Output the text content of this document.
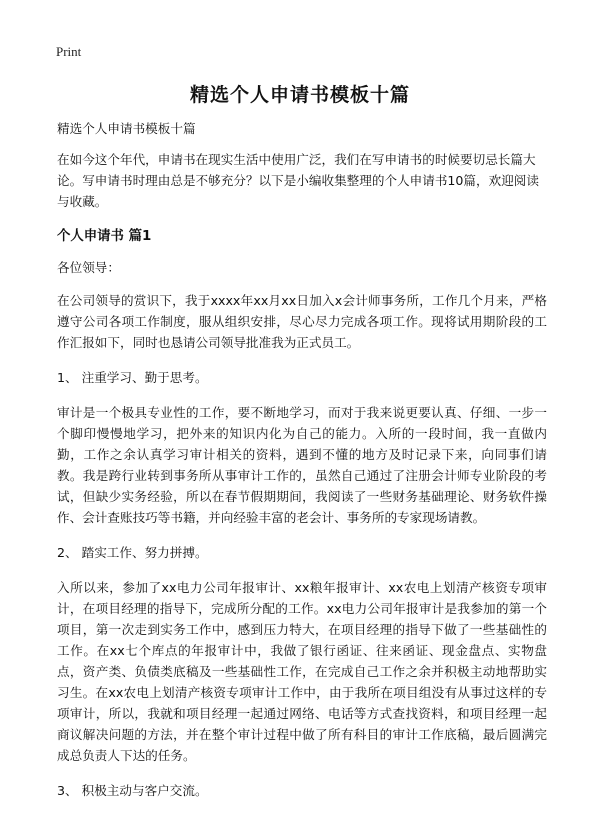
Print
精选个人申请书模板十篇

精选个人申请书模板十篇

在如今这个年代，申请书在现实生活中使用广泛，我们在写申请书的时候要切忌长篇大论。写申请书时理由总是不够充分？以下是小编收集整理的个人申请书10篇，欢迎阅读与收藏。

个人申请书 篇1

各位领导：

在公司领导的赏识下，我于xxxx年xx月xx日加入x会计师事务所，工作几个月来，严格遵守公司各项工作制度，服从组织安排，尽心尽力完成各项工作。现将试用期阶段的工作汇报如下，同时也恳请公司领导批准我为正式员工。

1、 注重学习、勤于思考。

审计是一个极具专业性的工作，要不断地学习，而对于我来说更要认真、仔细、一步一个脚印慢慢地学习，把外来的知识内化为自己的能力。入所的一段时间，我一直做内勤，工作之余认真学习审计相关的资料，遇到不懂的地方及时记录下来，向同事们请教。我是跨行业转到事务所从事审计工作的，虽然自己通过了注册会计师专业阶段的考试，但缺少实务经验，所以在春节假期期间，我阅读了一些财务基础理论、财务软件操作、会计查账技巧等书籍，并向经验丰富的老会计、事务所的专家现场请教。

2、 踏实工作、努力拼搏。

入所以来，参加了xx电力公司年报审计、xx粮年报审计、xx农电上划清产核资专项审计，在项目经理的指导下，完成所分配的工作。xx电力公司年报审计是我参加的第一个项目，第一次走到实务工作中，感到压力特大，在项目经理的指导下做了一些基础性的工作。在xx七个库点的年报审计中，我做了银行函证、往来函证、现金盘点、实物盘点，资产类、负债类底稿及一些基础性工作，在完成自己工作之余并积极主动地帮助实习生。在xx农电上划清产核资专项审计工作中，由于我所在项目组没有从事过这样的专项审计，所以，我就和项目经理一起通过网络、电话等方式查找资料，和项目经理一起商议解决问题的方法，并在整个审计过程中做了所有科目的审计工作底稿，最后圆满完成总负责人下达的任务。

3、 积极主动与客户交流。
